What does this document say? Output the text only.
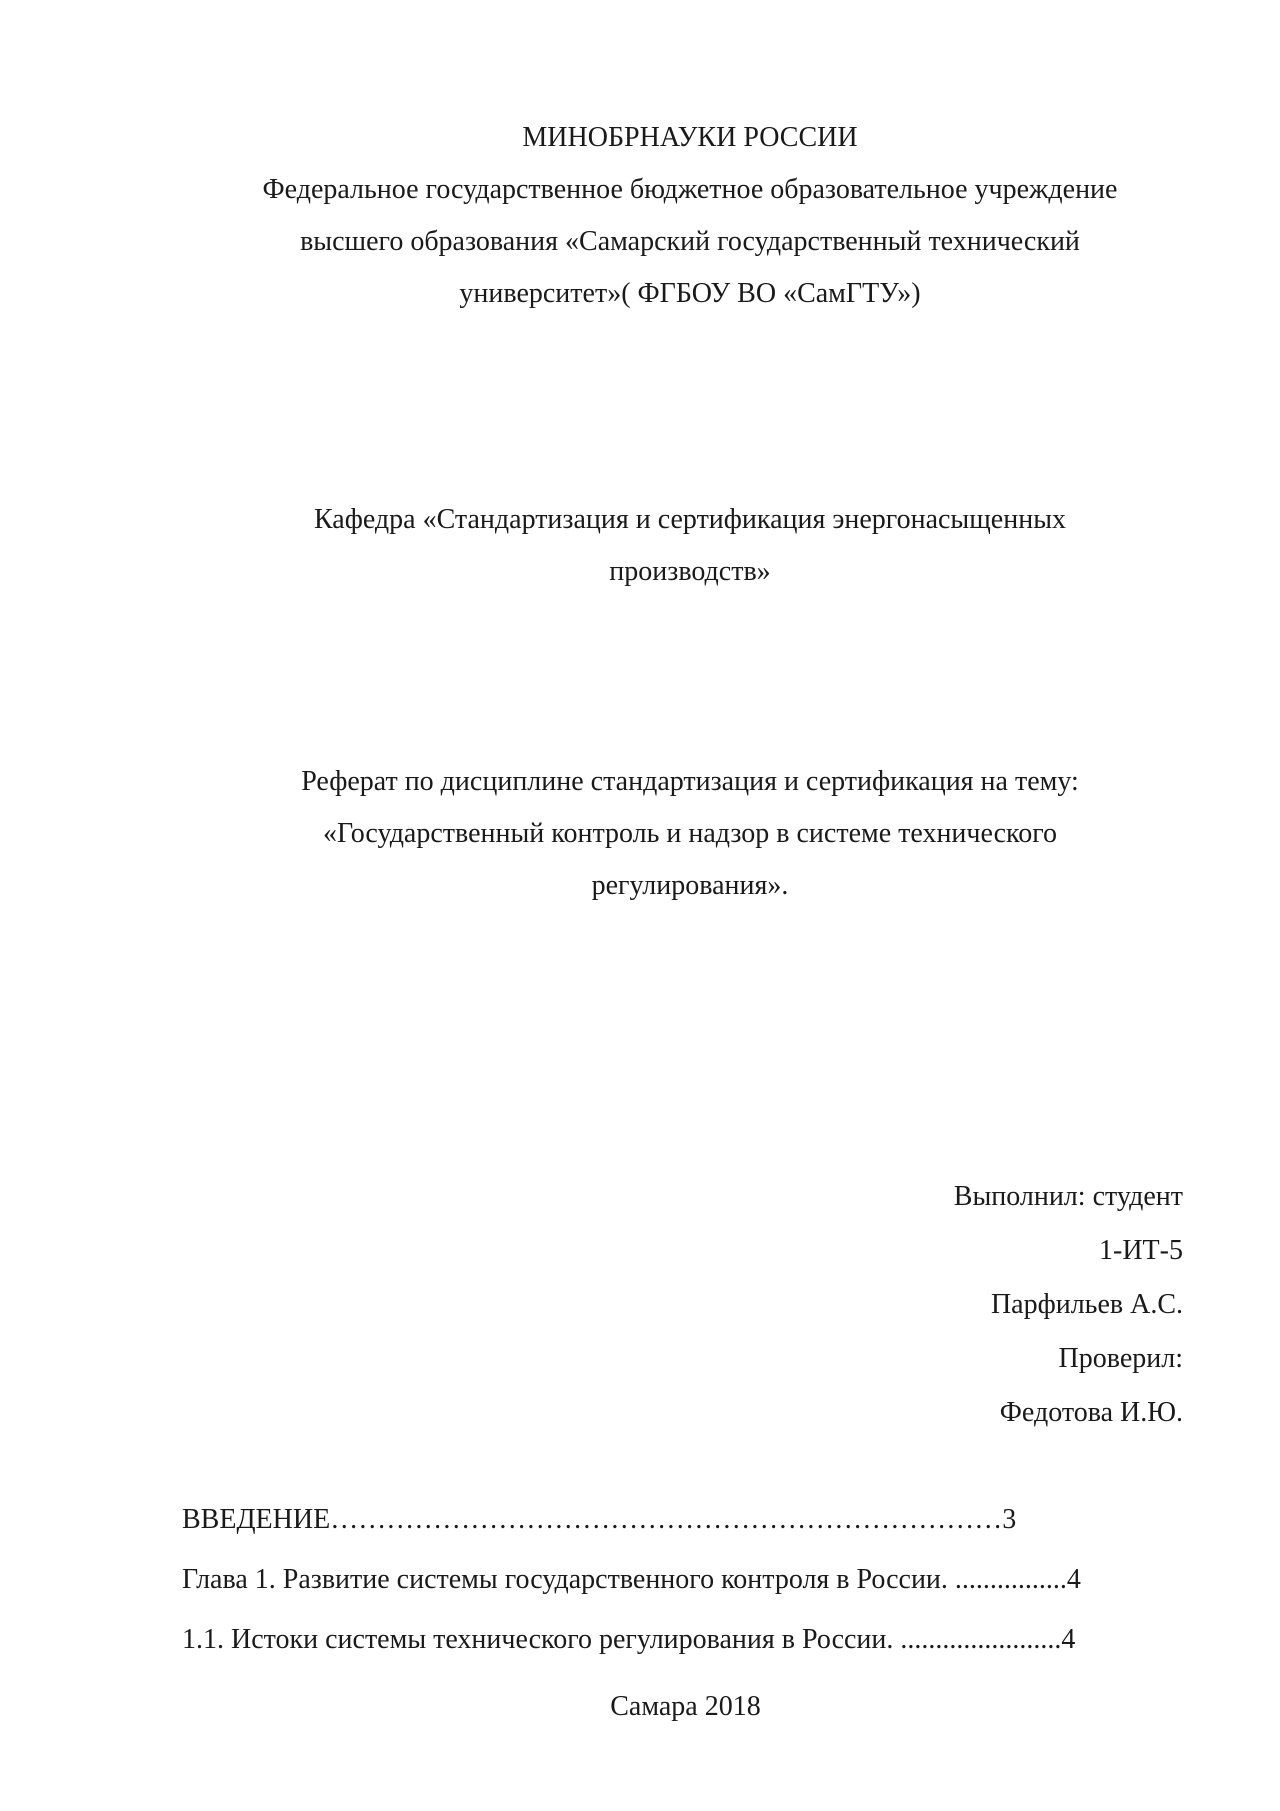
МИНОБРНАУКИ РОССИИ
Федеральное государственное бюджетное образовательное учреждение
высшего образования «Самарский государственный технический
университет»( ФГБОУ ВО «СамГТУ»)
Кафедра «Стандартизация и сертификация энергонасыщенных
производств»
Реферат по дисциплине стандартизация и сертификация на тему:
«Государственный контроль и надзор в системе технического
регулирования».
Выполнил: студент
1-ИТ-5
Парфильев А.С.
Проверил:
Федотова И.Ю.
ВВЕДЕНИЕ………………………………………………………………3
Глава 1. Развитие системы государственного контроля в России. ................4
1.1. Истоки системы технического регулирования в России. .......................4
Самара 2018
